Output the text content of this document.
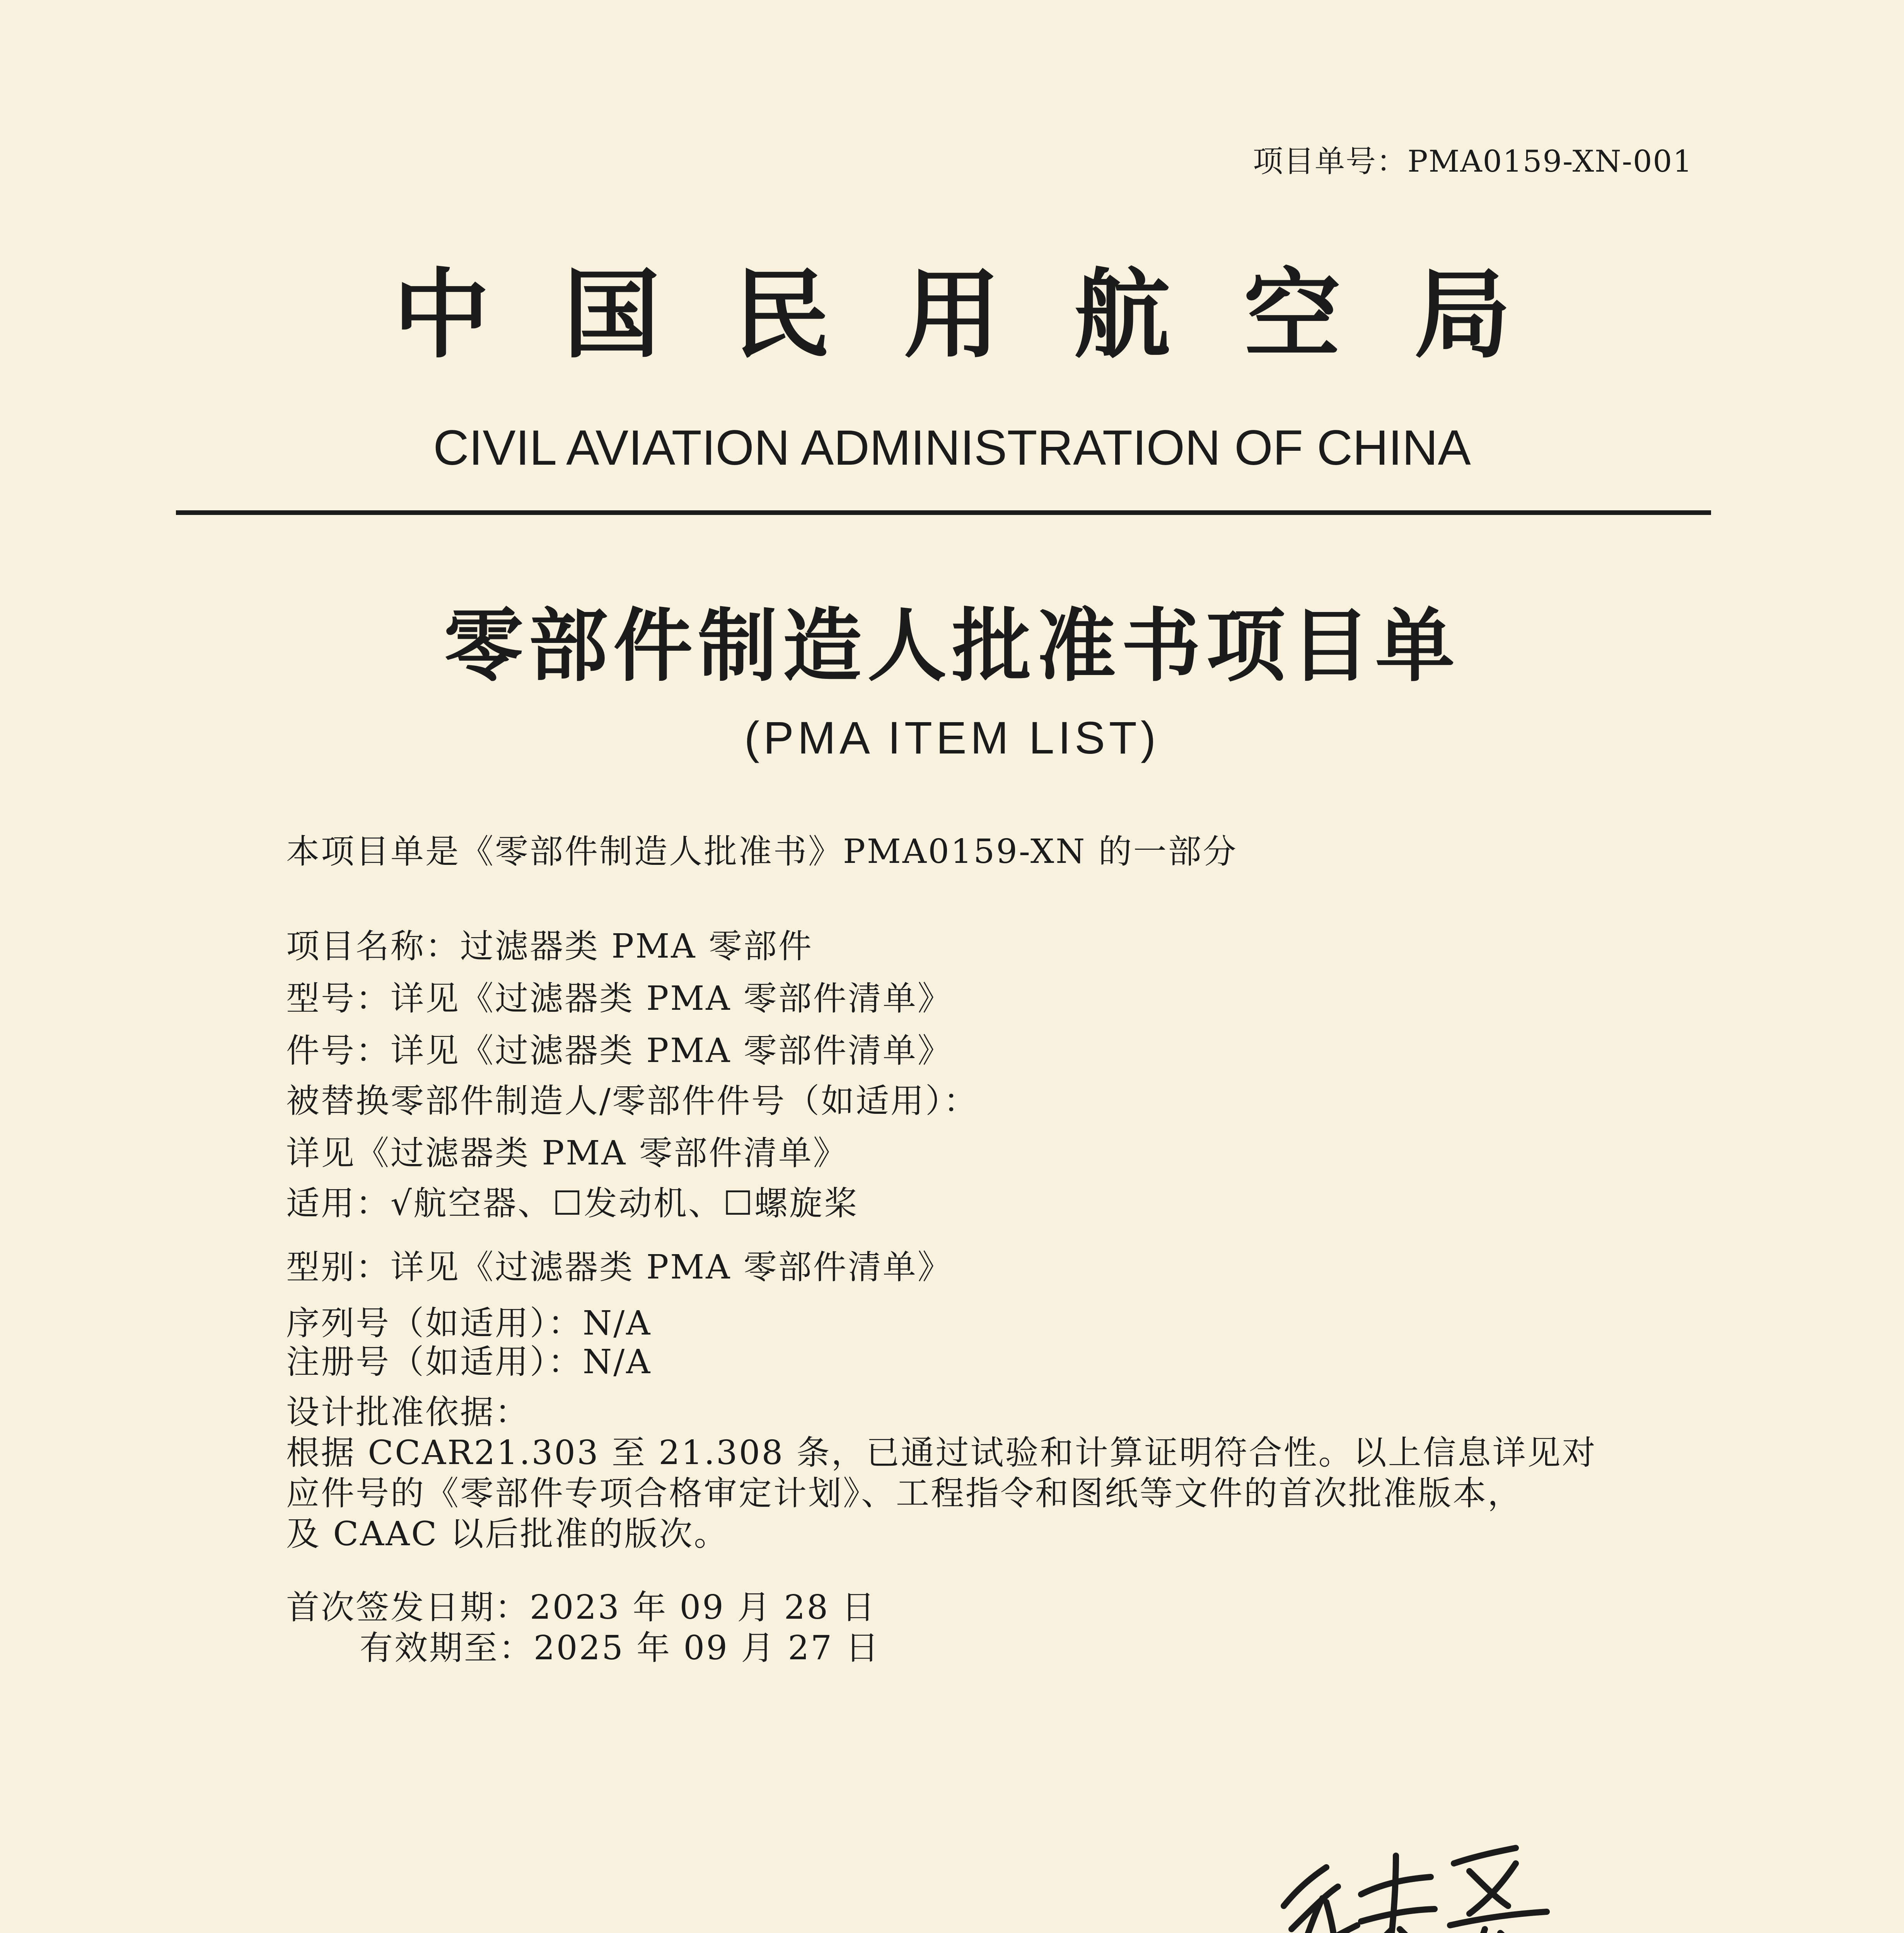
项目单号：PMA0159-XN-001
中国民用航空局
CIVIL AVIATION ADMINISTRATION OF CHINA
零部件制造人批准书项目单
(PMA ITEM LIST)
本项目单是《零部件制造人批准书》PMA0159-XN 的一部分
项目名称：过滤器类 PMA 零部件
型号：详见《过滤器类 PMA 零部件清单》
件号：详见《过滤器类 PMA 零部件清单》
被替换零部件制造人/零部件件号（如适用）：
详见《过滤器类 PMA 零部件清单》
适用：√航空器、☐发动机、☐螺旋桨
型别：详见《过滤器类 PMA 零部件清单》
序列号（如适用）：N/A
注册号（如适用）：N/A
设计批准依据：
根据 CCAR21.303 至 21.308 条，已通过试验和计算证明符合性。以上信息详见对
应件号的《零部件专项合格审定计划》、工程指令和图纸等文件的首次批准版本，
及 CAAC 以后批准的版次。
首次签发日期：2023 年 09 月 28 日
有效期至：2025 年 09 月 27 日
